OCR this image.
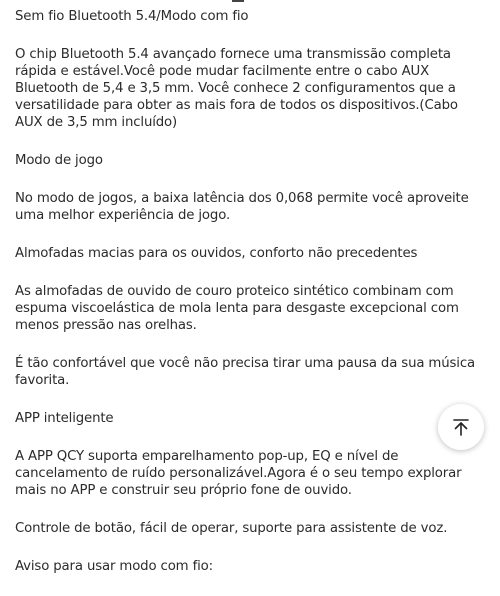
Sem fio Bluetooth 5.4/Modo com fio

O chip Bluetooth 5.4 avançado fornece uma transmissão completa rápida e estável.Você pode mudar facilmente entre o cabo AUX Bluetooth de 5,4 e 3,5 mm. Você conhece 2 configuramentos que a versatilidade para obter as mais fora de todos os dispositivos.(Cabo AUX de 3,5 mm incluído)

Modo de jogo

No modo de jogos, a baixa latência dos 0,068 permite você aproveite uma melhor experiência de jogo.

Almofadas macias para os ouvidos, conforto não precedentes

As almofadas de ouvido de couro proteico sintético combinam com espuma viscoelástica de mola lenta para desgaste excepcional com menos pressão nas orelhas.

É tão confortável que você não precisa tirar uma pausa da sua música favorita.

APP inteligente

A APP QCY suporta emparelhamento pop-up, EQ e nível de cancelamento de ruído personalizável.Agora é o seu tempo explorar mais no APP e construir seu próprio fone de ouvido.

Controle de botão, fácil de operar, suporte para assistente de voz.

Aviso para usar modo com fio:
